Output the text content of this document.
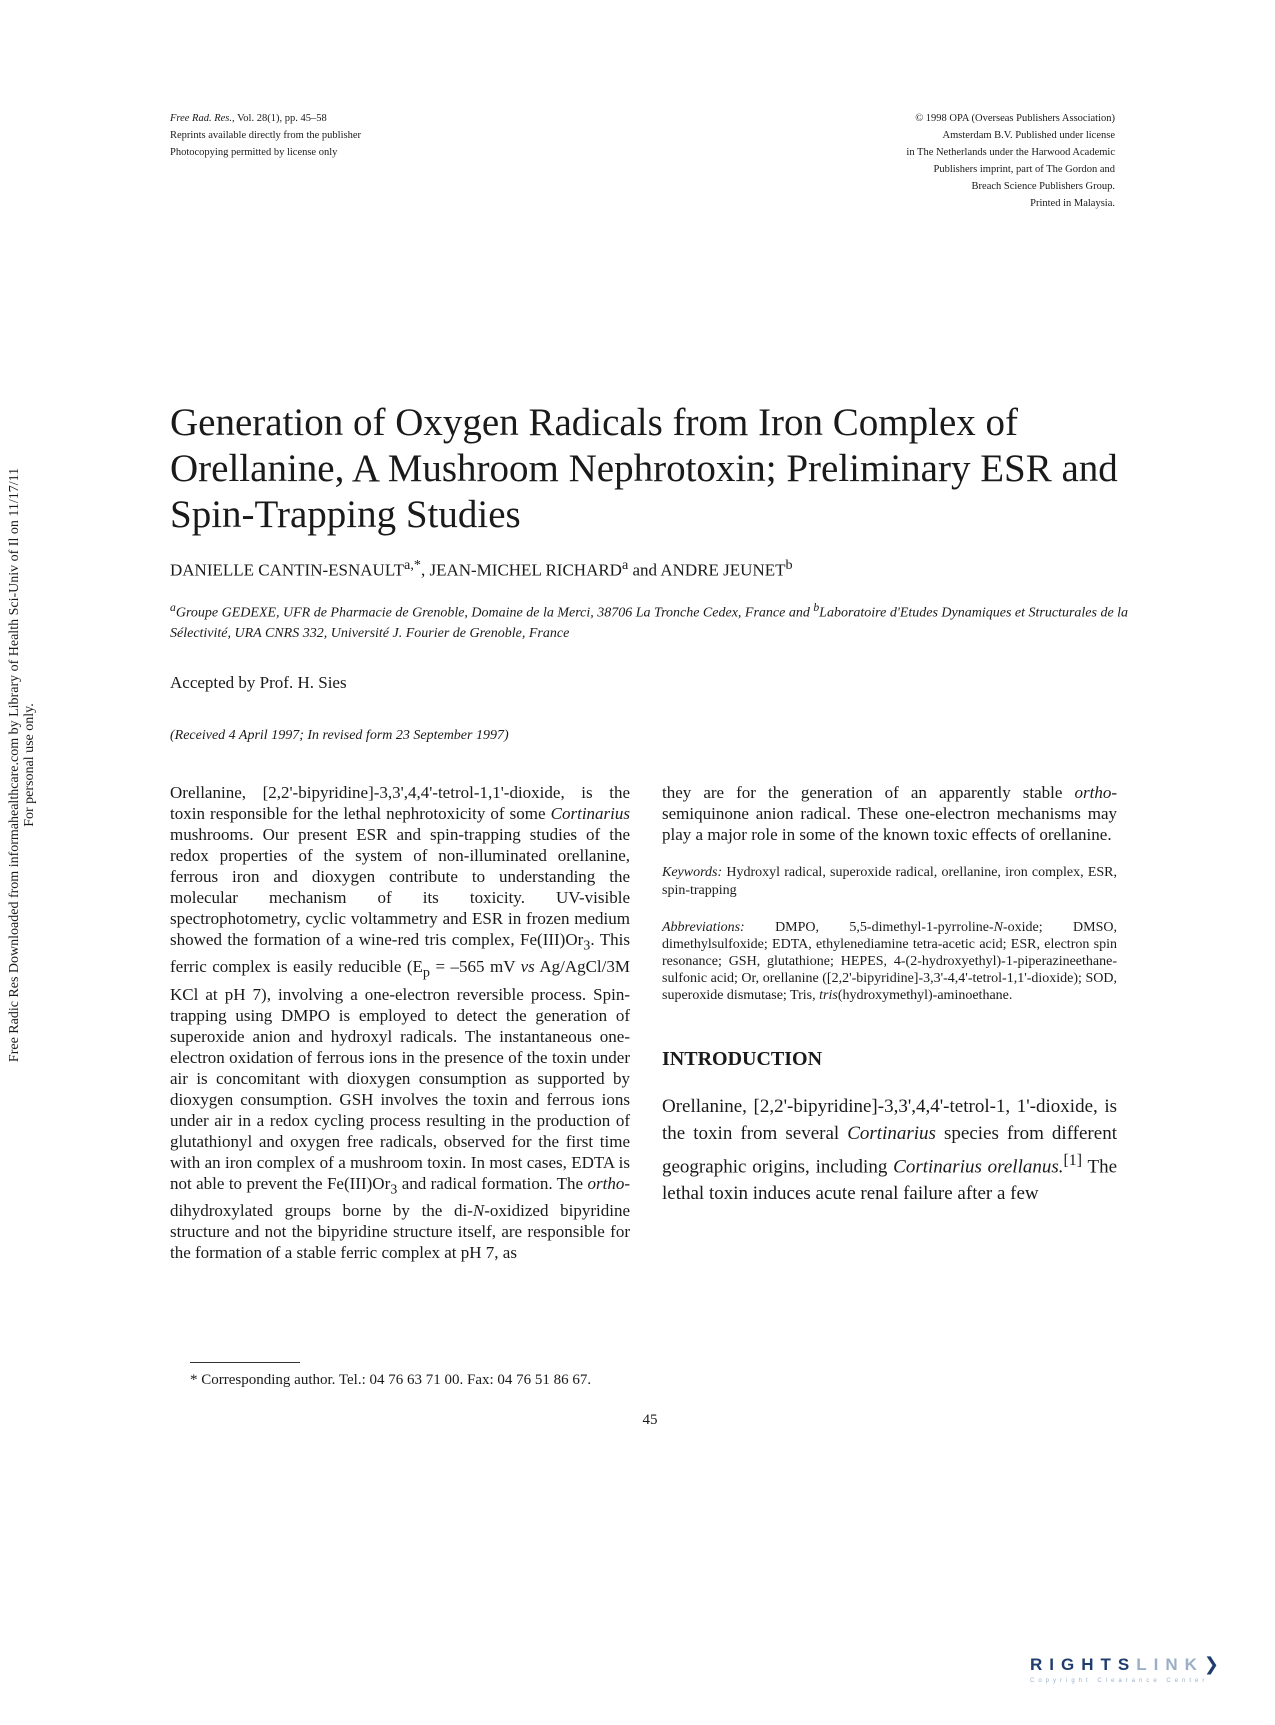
Free Rad. Res., Vol. 28(1), pp. 45–58
Reprints available directly from the publisher
Photocopying permitted by license only
© 1998 OPA (Overseas Publishers Association)
Amsterdam B.V. Published under license
in The Netherlands under the Harwood Academic
Publishers imprint, part of The Gordon and
Breach Science Publishers Group.
Printed in Malaysia.
Free Radic Res Downloaded from informahealthcare.com by Library of Health Sci-Univ of Il on 11/17/11 For personal use only.
Generation of Oxygen Radicals from Iron Complex of Orellanine, A Mushroom Nephrotoxin; Preliminary ESR and Spin-Trapping Studies
DANIELLE CANTIN-$ESNAULT^{a,*}$, JEAN-MICHEL RICHARD$^a$ and ANDRE JEUNET$^b$
$^a$Groupe GEDEXE, UFR de Pharmacie de Grenoble, Domaine de la Merci, 38706 La Tronche Cedex, France and $^b$Laboratoire d'Etudes Dynamiques et Structurales de la Sélectivité, URA CNRS 332, Université J. Fourier de Grenoble, France
Accepted by Prof. H. Sies
(Received 4 April 1997; In revised form 23 September 1997)

Orellanine, [2,2'-bipyridine]-3,3',4,4'-tetrol-1,1'-dioxide, is the toxin responsible for the lethal nephrotoxicity of some Cortinarius mushrooms. Our present ESR and spin-trapping studies of the redox properties of the system of non-illuminated orellanine, ferrous iron and dioxygen contribute to understanding the molecular mechanism of its toxicity. UV-visible spectrophotometry, cyclic voltammetry and ESR in frozen medium showed the formation of a wine-red tris complex, $Fe(III)Or_3$. This ferric complex is easily reducible ($E_p = -565$ mV vs Ag/AgCl/3M KCl at pH 7), involving a one-electron reversible process. Spin-trapping using DMPO is employed to detect the generation of superoxide anion and hydroxyl radicals. The instantaneous one-electron oxidation of ferrous ions in the presence of the toxin under air is concomitant with dioxygen consumption as supported by dioxygen consumption. GSH involves the toxin and ferrous ions under air in a redox cycling process resulting in the production of glutathionyl and oxygen free radicals, observed for the first time with an iron complex of a mushroom toxin. In most cases, EDTA is not able to prevent the $Fe(III)Or_3$ and radical formation. The ortho-dihydroxylated groups borne by the di-N-oxidized bipyridine structure and not the bipyridine structure itself, are responsible for the formation of a stable ferric complex at pH 7, as

they are for the generation of an apparently stable ortho-semiquinone anion radical. These one-electron mechanisms may play a major role in some of the known toxic effects of orellanine.

Keywords: Hydroxyl radical, superoxide radical, orellanine, iron complex, ESR, spin-trapping

Abbreviations: DMPO, 5,5-dimethyl-1-pyrroline-N-oxide; DMSO, dimethylsulfoxide; EDTA, ethylenediamine tetra-acetic acid; ESR, electron spin resonance; GSH, glutathione; HEPES, 4-(2-hydroxyethyl)-1-piperazineethane-sulfonic acid; Or, orellanine ([2,2'-bipyridine]-3,3'-4,4'-tetrol-1,1'-dioxide); SOD, superoxide dismutase; Tris, tris(hydroxymethyl)-aminoethane.

INTRODUCTION

Orellanine, [2,2'-bipyridine]-3,3',4,4'-tetrol-1, 1'-dioxide, is the toxin from several Cortinarius species from different geographic origins, including Cortinarius orellanus.[1] The lethal toxin induces acute renal failure after a few

* Corresponding author. Tel.: 04 76 63 71 00. Fax: 04 76 51 86 67.
45
RIGHTSLINK❯
Copyright Clearance Center
